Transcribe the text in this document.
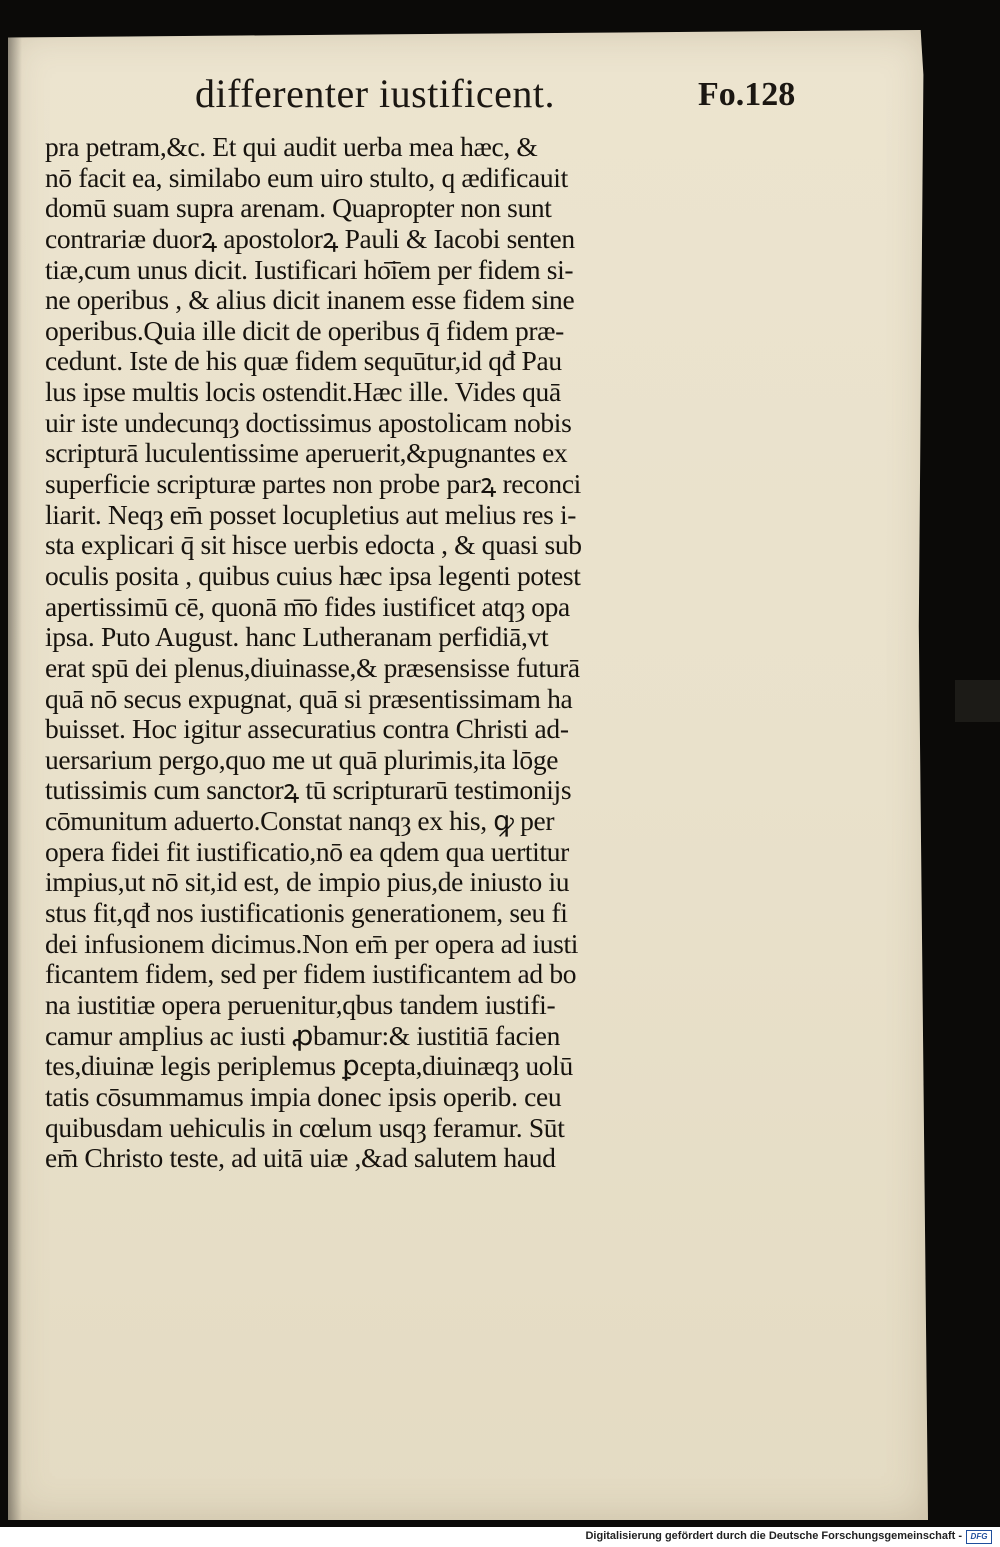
differenter iustificent.	Fo.128
pra petram,&c. Et qui audit uerba mea hæc, &
nō facit ea, similabo eum uiro stulto, q ædificauit
domū suam supra arenam. Quapropter non sunt
contrariæ duorꝝ apostolorꝝ Pauli & Iacobi senten
tiæ,cum unus dicit. Iustificari ho͞iem per fidem si-
ne operibus , & alius dicit inanem esse fidem sine
operibus.Quia ille dicit de operibus q̄ fidem præ-
cedunt. Iste de his quæ fidem sequūtur,id qđ Pau
lus ipse multis locis ostendit.Hæc ille. Vides quā
uir iste undecunqȝ doctissimus apostolicam nobis
scripturā luculentissime aperuerit,&pugnantes ex
superficie scripturæ partes non probe parꝝ reconci
liarit. Neqȝ em̄ posset locupletius aut melius res i-
sta explicari q̄ sit hisce uerbis edocta , & quasi sub
oculis posita , quibus cuius hæc ipsa legenti potest
apertissimū cē, quonā m͞o fides iustificet atqȝ opa
ipsa. Puto August. hanc Lutheranam perfidiā,vt
erat spū dei plenus,diuinasse,& præsensisse futurā
quā nō secus expugnat, quā si præsentissimam ha
buisset. Hoc igitur assecuratius contra Christi ad-
uersarium pergo,quo me ut quā plurimis,ita lōge
tutissimis cum sanctorꝝ tū scripturarū testimonijs
cōmunitum aduerto.Constat nanqȝ ex his, ꝙ per
opera fidei fit iustificatio,nō ea qdem qua uertitur
impius,ut nō sit,id est, de impio pius,de iniusto iu
stus fit,qđ nos iustificationis generationem, seu fi
dei infusionem dicimus.Non em̄ per opera ad iusti
ficantem fidem, sed per fidem iustificantem ad bo
na iustitiæ opera peruenitur,qbus tandem iustifi-
camur amplius ac iusti ꝓbamur:& iustitiā facien
tes,diuinæ legis periplemus ꝑcepta,diuinæqȝ uolū
tatis cōsummamus impia donec ipsis operib. ceu
quibusdam uehiculis in cœlum usqȝ feramur. Sūt
em̄ Christo teste, ad uitā uiæ ,&ad salutem haud
Digitalisierung gefördert durch die Deutsche Forschungsgemeinschaft -	DFG
